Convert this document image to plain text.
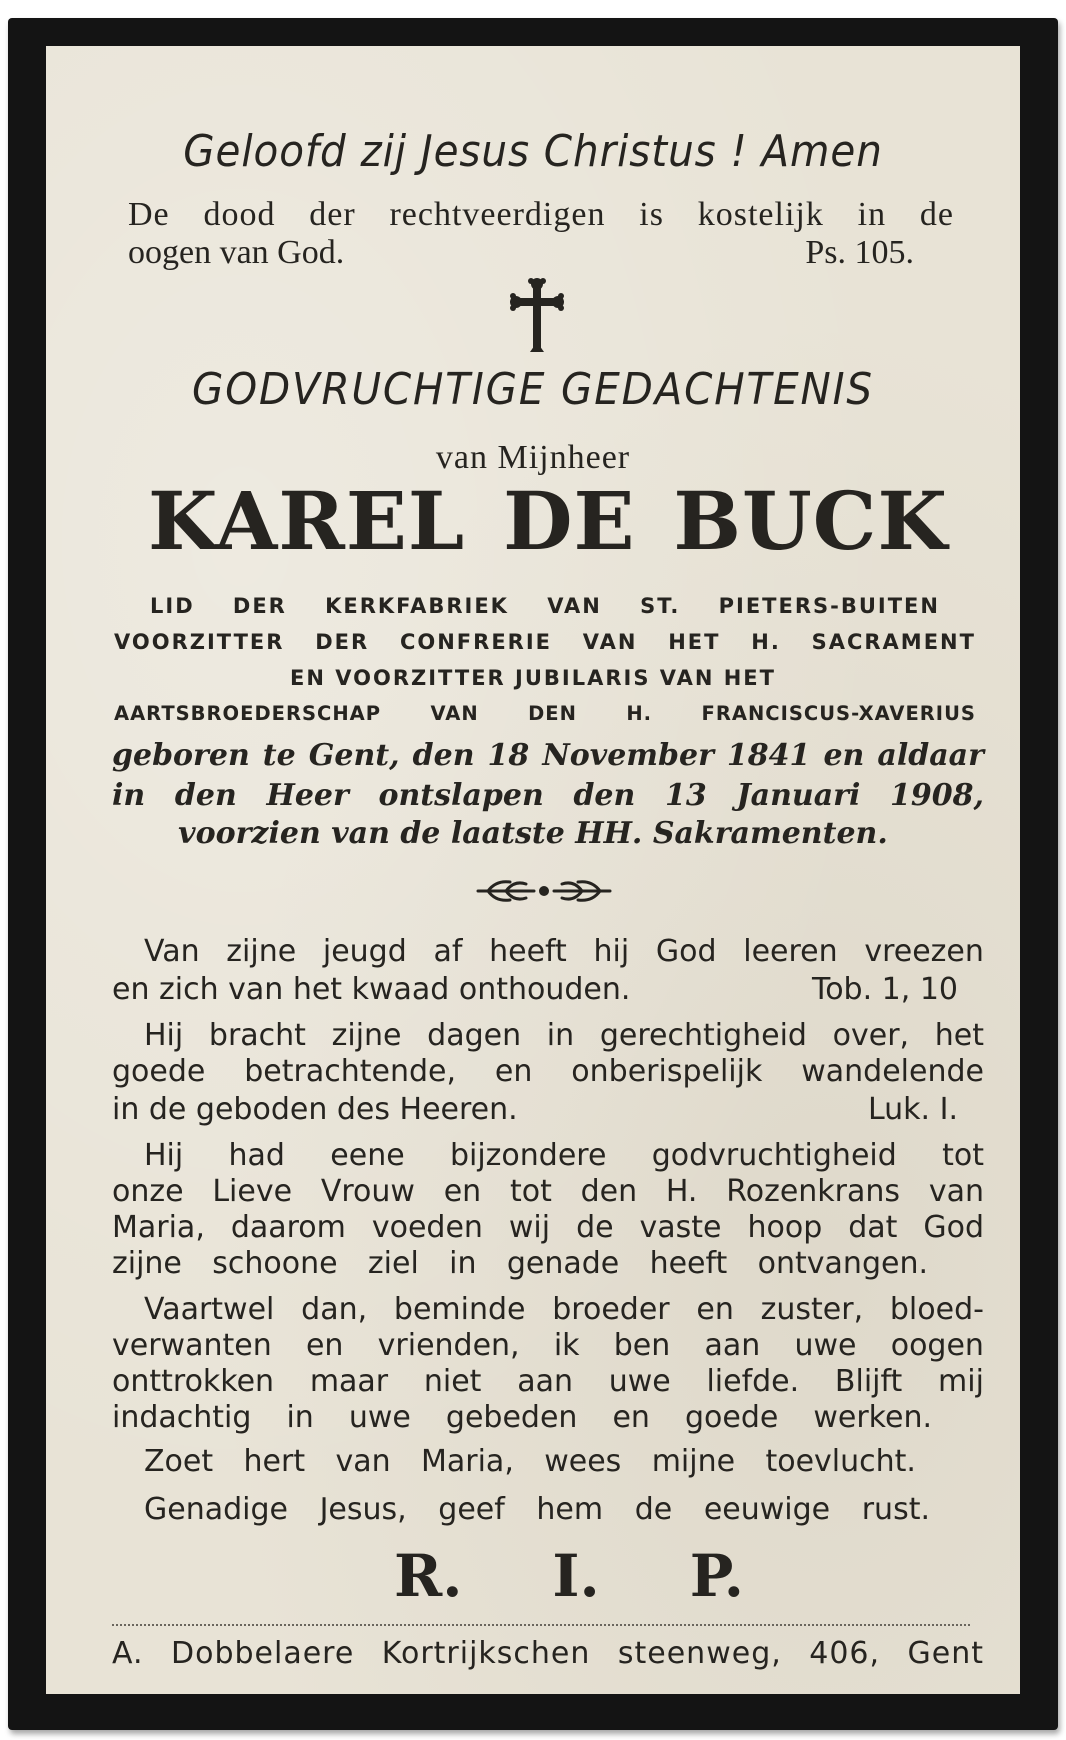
Geloofd zij Jesus Christus ! Amen
De dood der rechtveerdigen is kostelijk in de
oogen van God.	Ps. 105.
GODVRUCHTIGE GEDACHTENIS
van Mijnheer
KAREL DE BUCK
LID DER KERKFABRIEK VAN ST. PIETERS-BUITEN
VOORZITTER DER CONFRERIE VAN HET H. SACRAMENT
EN VOORZITTER JUBILARIS VAN HET
AARTSBROEDERSCHAP	VAN	DEN	H.	FRANCISCUS-XAVERIUS
geboren te Gent, den 18 November 1841 en aldaar
in den Heer ontslapen den 13 Januari 1908,
voorzien van de laatste HH. Sakramenten.
Van zijne jeugd af heeft hij God leeren vreezen
en zich van het kwaad onthouden.	Tob. 1, 10
Hij bracht zijne dagen in gerechtigheid over, het
goede betrachtende, en onberispelijk wandelende
in de geboden des Heeren.	Luk. I.
Hij had eene bijzondere godvruchtigheid tot
onze Lieve Vrouw en tot den H. Rozenkrans van
Maria, daarom voeden wij de vaste hoop dat God
zijne schoone ziel in genade heeft ontvangen.
Vaartwel dan, beminde broeder en zuster, bloed-
verwanten en vrienden, ik ben aan uwe oogen
onttrokken maar niet aan uwe liefde. Blijft mij
indachtig in uwe gebeden en goede werken.
Zoet hert van Maria, wees mijne toevlucht.
Genadige Jesus, geef hem de eeuwige rust.
R. I. P.
A. Dobbelaere Kortrijkschen steenweg, 406, Gent
